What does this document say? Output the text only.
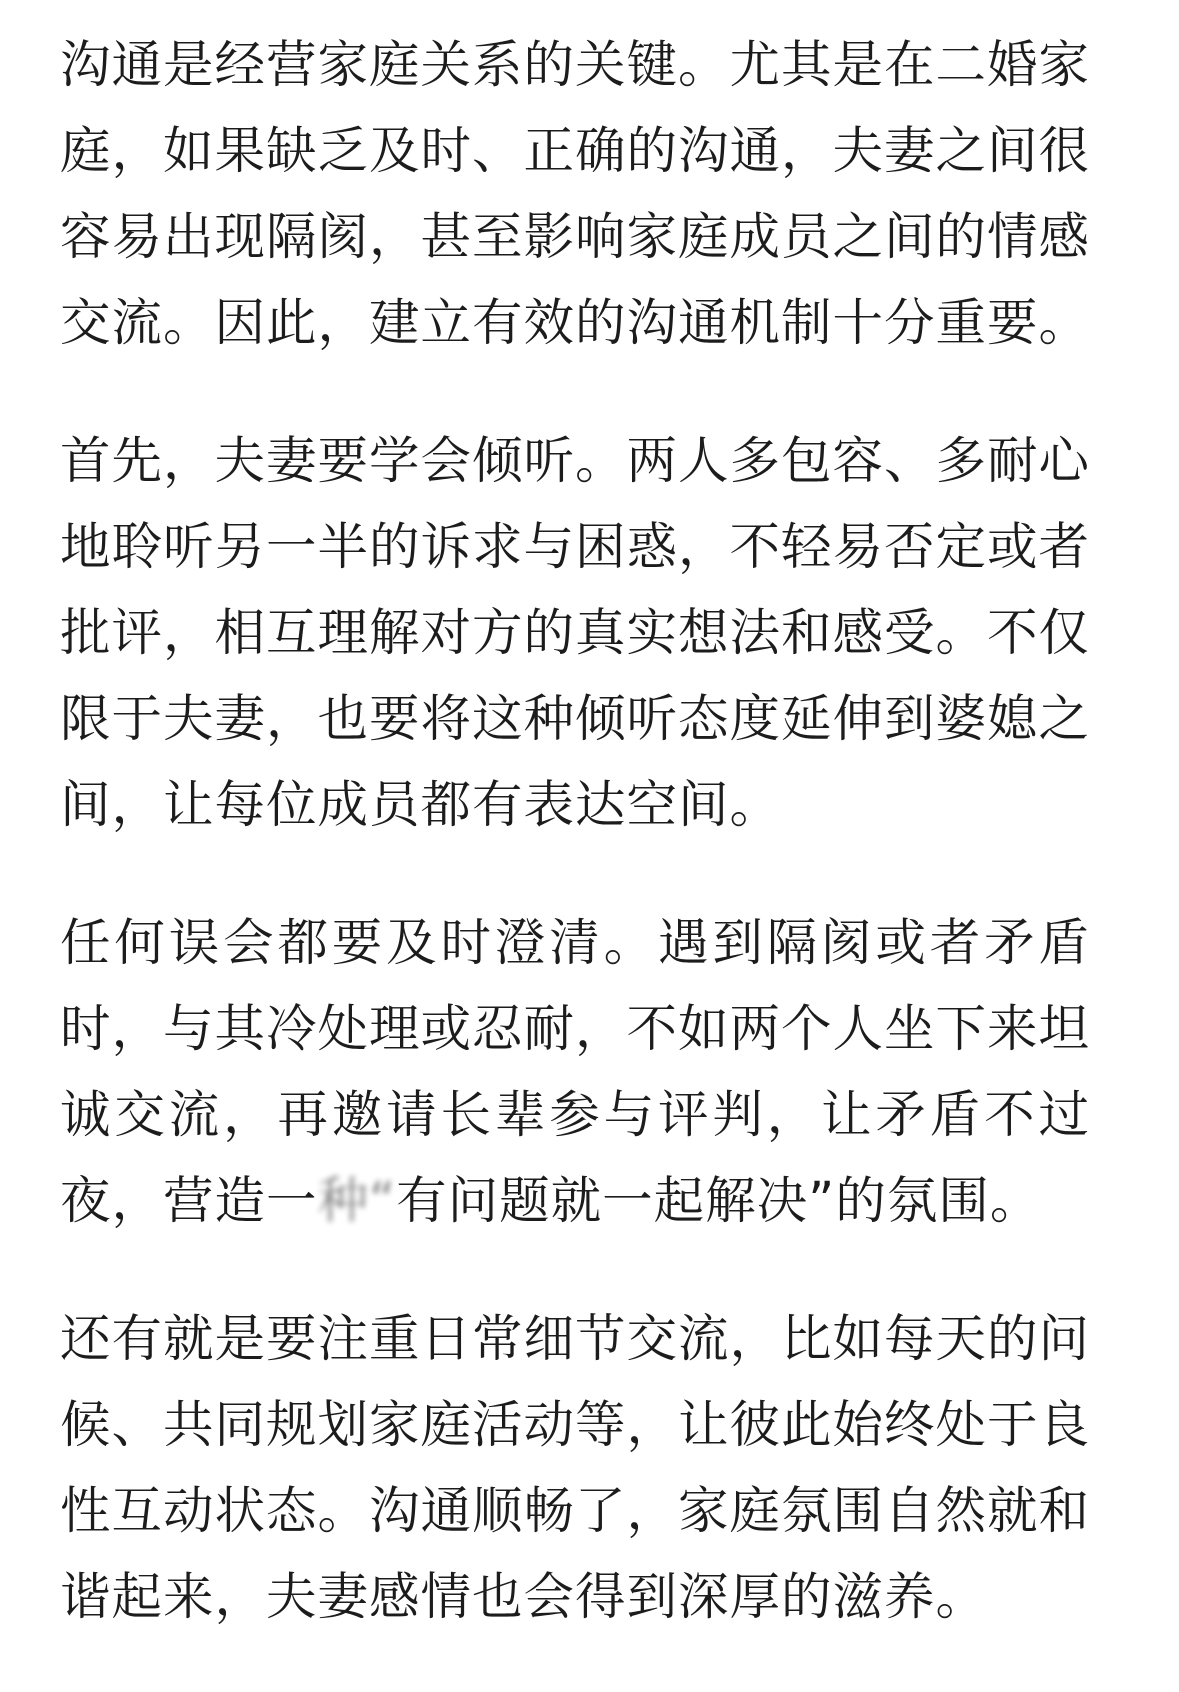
沟通是经营家庭关系的关键。尤其是在二婚家庭，如果缺乏及时、正确的沟通，夫妻之间很容易出现隔阂，甚至影响家庭成员之间的情感交流。因此，建立有效的沟通机制十分重要。

首先，夫妻要学会倾听。两人多包容、多耐心地聆听另一半的诉求与困惑，不轻易否定或者批评，相互理解对方的真实想法和感受。不仅限于夫妻，也要将这种倾听态度延伸到婆媳之间，让每位成员都有表达空间。

任何误会都要及时澄清。遇到隔阂或者矛盾时，与其冷处理或忍耐，不如两个人坐下来坦诚交流，再邀请长辈参与评判，让矛盾不过夜，营造一种“有问题就一起解决”的氛围。

还有就是要注重日常细节交流，比如每天的问候、共同规划家庭活动等，让彼此始终处于良性互动状态。沟通顺畅了，家庭氛围自然就和谐起来，夫妻感情也会得到深厚的滋养。
